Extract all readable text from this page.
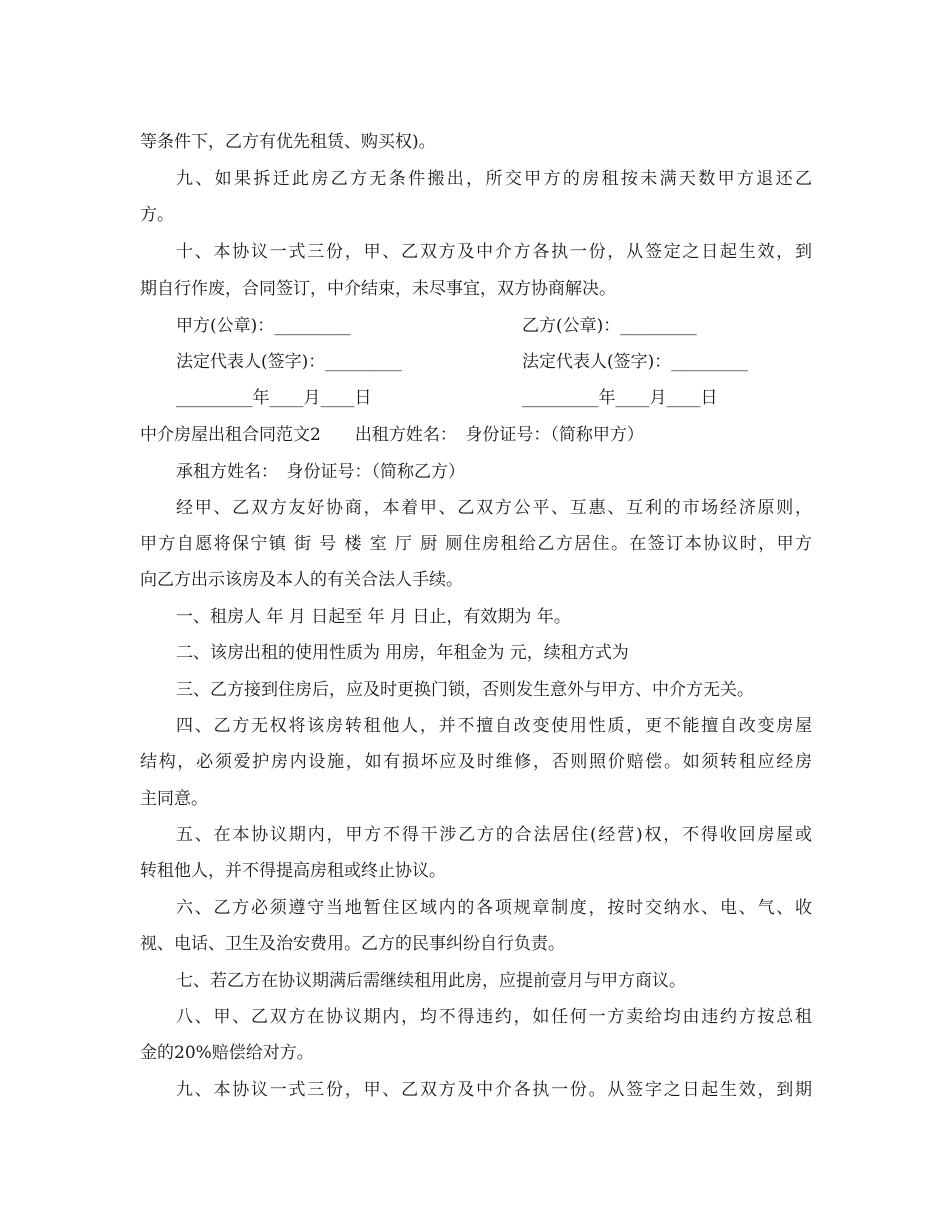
等条件下，乙方有优先租赁、购买权)。
九、如果拆迁此房乙方无条件搬出，所交甲方的房租按未满天数甲方退还乙
方。
十、本协议一式三份，甲、乙双方及中介方各执一份，从签定之日起生效，到
期自行作废，合同签订，中介结束，未尽事宜，双方协商解决。
甲方(公章)：_________	乙方(公章)：_________
法定代表人(签字)：_________	法定代表人(签字)：_________
_________年____月____日	_________年____月____日
中介房屋出租合同范文2　　出租方姓名：　身份证号：（简称甲方）
承租方姓名：　身份证号：（简称乙方）
经甲、乙双方友好协商，本着甲、乙双方公平、互惠、互利的市场经济原则，
甲方自愿将保宁镇 街 号 楼 室 厅 厨 厕住房租给乙方居住。在签订本协议时，甲方
向乙方出示该房及本人的有关合法人手续。
一、租房人 年 月 日起至 年 月 日止，有效期为 年。
二、该房出租的使用性质为 用房，年租金为 元，续租方式为
三、乙方接到住房后，应及时更换门锁，否则发生意外与甲方、中介方无关。
四、乙方无权将该房转租他人，并不擅自改变使用性质，更不能擅自改变房屋
结构，必须爱护房内设施，如有损坏应及时维修，否则照价赔偿。如须转租应经房
主同意。
五、在本协议期内，甲方不得干涉乙方的合法居住(经营)权，不得收回房屋或
转租他人，并不得提高房租或终止协议。
六、乙方必须遵守当地暂住区域内的各项规章制度，按时交纳水、电、气、收
视、电话、卫生及治安费用。乙方的民事纠纷自行负责。
七、若乙方在协议期满后需继续租用此房，应提前壹月与甲方商议。
八、甲、乙双方在协议期内，均不得违约，如任何一方卖给均由违约方按总租
金的20%赔偿给对方。
九、本协议一式三份，甲、乙双方及中介各执一份。从签字之日起生效，到期
